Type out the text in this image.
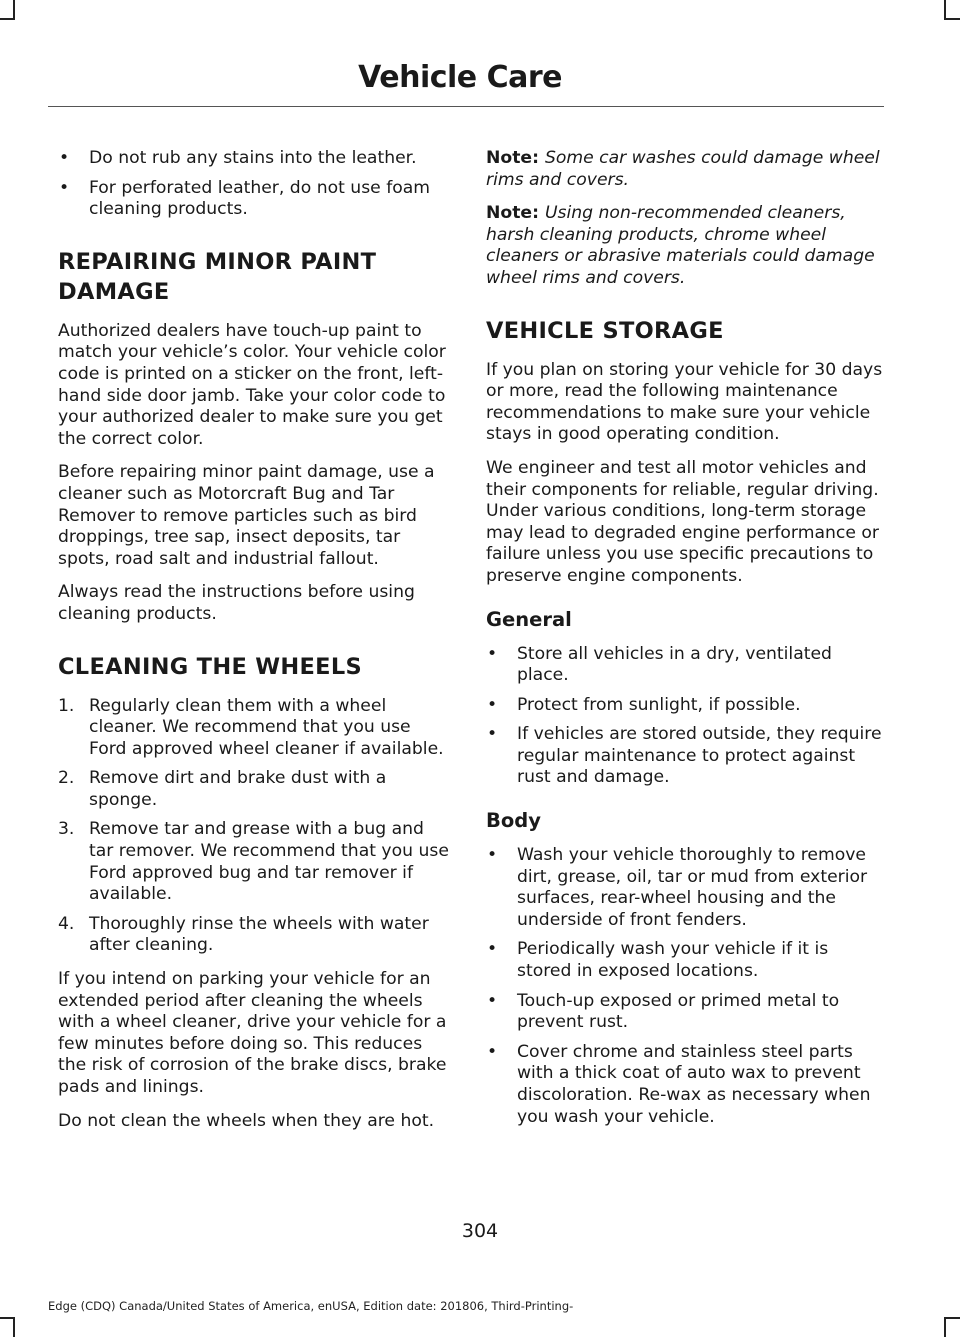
Vehicle Care
• Do not rub any stains into the leather.
• For perforated leather, do not use foam cleaning products.
REPAIRING MINOR PAINT
DAMAGE

Authorized dealers have touch-up paint to match your vehicle’s color. Your vehicle color code is printed on a sticker on the front, left-hand side door jamb. Take your color code to your authorized dealer to make sure you get the correct color.

Before repairing minor paint damage, use a cleaner such as Motorcraft Bug and Tar Remover to remove particles such as bird droppings, tree sap, insect deposits, tar spots, road salt and industrial fallout.

Always read the instructions before using cleaning products.

CLEANING THE WHEELS
1. Regularly clean them with a wheel cleaner. We recommend that you use Ford approved wheel cleaner if available.
2. Remove dirt and brake dust with a sponge.
3. Remove tar and grease with a bug and tar remover. We recommend that you use Ford approved bug and tar remover if available.
4. Thoroughly rinse the wheels with water after cleaning.

If you intend on parking your vehicle for an extended period after cleaning the wheels with a wheel cleaner, drive your vehicle for a few minutes before doing so. This reduces the risk of corrosion of the brake discs, brake pads and linings.

Do not clean the wheels when they are hot.

Note: Some car washes could damage wheel rims and covers.

Note: Using non-recommended cleaners, harsh cleaning products, chrome wheel cleaners or abrasive materials could damage wheel rims and covers.

VEHICLE STORAGE

If you plan on storing your vehicle for 30 days or more, read the following maintenance recommendations to make sure your vehicle stays in good operating condition.

We engineer and test all motor vehicles and their components for reliable, regular driving. Under various conditions, long-term storage may lead to degraded engine performance or failure unless you use specific precautions to preserve engine components.

General
• Store all vehicles in a dry, ventilated place.
• Protect from sunlight, if possible.
• If vehicles are stored outside, they require regular maintenance to protect against rust and damage.
Body
• Wash your vehicle thoroughly to remove dirt, grease, oil, tar or mud from exterior surfaces, rear-wheel housing and the underside of front fenders.
• Periodically wash your vehicle if it is stored in exposed locations.
• Touch-up exposed or primed metal to prevent rust.
• Cover chrome and stainless steel parts with a thick coat of auto wax to prevent discoloration. Re-wax as necessary when you wash your vehicle.
304
Edge (CDQ) Canada/United States of America, enUSA, Edition date: 201806, Third-Printing-
